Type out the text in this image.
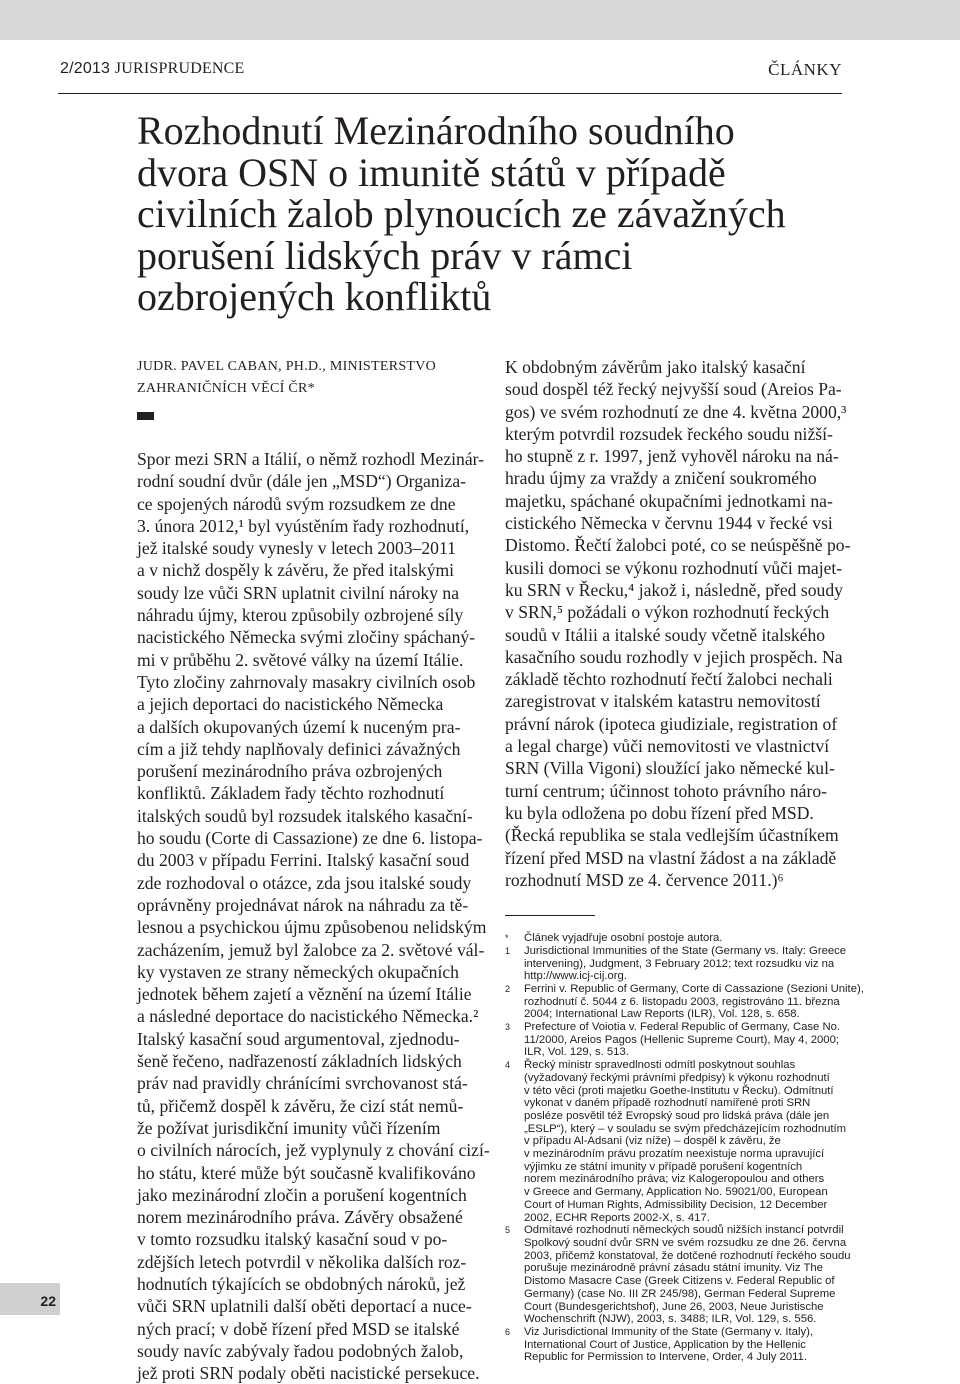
2/2013 JURISPRUDENCE	ČLÁNKY
Rozhodnutí Mezinárodního soudního
dvora OSN o imunitě států v případě
civilních žalob plynoucích ze závažných
porušení lidských práv v rámci
ozbrojených konfliktů

JUDR. PAVEL CABAN, PH.D., MINISTERSTVO
ZAHRANIČNÍCH VĚCÍ ČR*

Spor mezi SRN a Itálií, o němž rozhodl Mezinár-
rodní soudní dvůr (dále jen „MSD“) Organiza-
ce spojených národů svým rozsudkem ze dne
3. února 2012,¹ byl vyústěním řady rozhodnutí,
jež italské soudy vynesly v letech 2003–2011
a v nichž dospěly k závěru, že před italskými
soudy lze vůči SRN uplatnit civilní nároky na
náhradu újmy, kterou způsobily ozbrojené síly
nacistického Německa svými zločiny spáchaný-
mi v průběhu 2. světové války na území Itálie.
Tyto zločiny zahrnovaly masakry civilních osob
a jejich deportaci do nacistického Německa
a dalších okupovaných území k nuceným pra-
cím a již tehdy naplňovaly definici závažných
porušení mezinárodního práva ozbrojených
konfliktů. Základem řady těchto rozhodnutí
italských soudů byl rozsudek italského kasační-
ho soudu (Corte di Cassazione) ze dne 6. listopa-
du 2003 v případu Ferrini. Italský kasační soud
zde rozhodoval o otázce, zda jsou italské soudy
oprávněny projednávat nárok na náhradu za tě-
lesnou a psychickou újmu způsobenou nelidským
zacházením, jemuž byl žalobce za 2. světové vál-
ky vystaven ze strany německých okupačních
jednotek během zajetí a věznění na území Itálie
a následné deportace do nacistického Německa.²
Italský kasační soud argumentoval, zjednodu-
šeně řečeno, nadřazeností základních lidských
práv nad pravidly chránícími svrchovanost stá-
tů, přičemž dospěl k závěru, že cizí stát nemů-
že požívat jurisdikční imunity vůči řízením
o civilních nárocích, jež vyplynuly z chování cizí-
ho státu, které může být současně kvalifikováno
jako mezinárodní zločin a porušení kogentních
norem mezinárodního práva. Závěry obsažené
v tomto rozsudku italský kasační soud v po-
zdějších letech potvrdil v několika dalších roz-
hodnutích týkajících se obdobných nároků, jež
vůči SRN uplatnili další oběti deportací a nuce-
ných prací; v době řízení před MSD se italské
soudy navíc zabývaly řadou podobných žalob,
jež proti SRN podaly oběti nacistické persekuce.

K obdobným závěrům jako italský kasační
soud dospěl též řecký nejvyšší soud (Areios Pa-
gos) ve svém rozhodnutí ze dne 4. května 2000,³
kterým potvrdil rozsudek řeckého soudu nižší-
ho stupně z r. 1997, jenž vyhověl nároku na ná-
hradu újmy za vraždy a zničení soukromého
majetku, spáchané okupačními jednotkami na-
cistického Německa v červnu 1944 v řecké vsi
Distomo. Řečtí žalobci poté, co se neúspěšně po-
kusili domoci se výkonu rozhodnutí vůči majet-
ku SRN v Řecku,⁴ jakož i, následně, před soudy
v SRN,⁵ požádali o výkon rozhodnutí řeckých
soudů v Itálii a italské soudy včetně italského
kasačního soudu rozhodly v jejich prospěch. Na
základě těchto rozhodnutí řečtí žalobci nechali
zaregistrovat v italském katastru nemovitostí
právní nárok (ipoteca giudiziale, registration of
a legal charge) vůči nemovitosti ve vlastnictví
SRN (Villa Vigoni) sloužící jako německé kul-
turní centrum; účinnost tohoto právního náro-
ku byla odložena po dobu řízení před MSD.
(Řecká republika se stala vedlejším účastníkem
řízení před MSD na vlastní žádost a na základě
rozhodnutí MSD ze 4. července 2011.)⁶

* Článek vyjadřuje osobní postoje autora.

1 Jurisdictional Immunities of the State (Germany vs. Italy: Greece
intervening), Judgment, 3 February 2012; text rozsudku viz na
http://www.icj-cij.org.

2 Ferrini v. Republic of Germany, Corte di Cassazione (Sezioni Unite),
rozhodnutí č. 5044 z 6. listopadu 2003, registrováno 11. března
2004; International Law Reports (ILR), Vol. 128, s. 658.

3 Prefecture of Voiotia v. Federal Republic of Germany, Case No.
11/2000, Areios Pagos (Hellenic Supreme Court), May 4, 2000;
ILR, Vol. 129, s. 513.

4 Řecký ministr spravedlnosti odmítl poskytnout souhlas
(vyžadovaný řeckými právními předpisy) k výkonu rozhodnutí
v této věci (proti majetku Goethe-Institutu v Řecku). Odmítnutí
vykonat v daném případě rozhodnutí namířené proti SRN
posléze posvětil též Evropský soud pro lidská práva (dále jen
„ESLP“), který – v souladu se svým předcházejícím rozhodnutím
v případu Al-Adsani (viz níže) – dospěl k závěru, že
v mezinárodním právu prozatím neexistuje norma upravující
výjimku ze státní imunity v případě porušení kogentních
norem mezinárodního práva; viz Kalogeropoulou and others
v Greece and Germany, Application No. 59021/00, European
Court of Human Rights, Admissibility Decision, 12 December
2002, ECHR Reports 2002-X, s. 417.

5 Odmítavé rozhodnutí německých soudů nižších instancí potvrdil
Spolkový soudní dvůr SRN ve svém rozsudku ze dne 26. června
2003, přičemž konstatoval, že dotčené rozhodnutí řeckého soudu
porušuje mezinárodně právní zásadu státní imunity. Viz The
Distomo Masacre Case (Greek Citizens v. Federal Republic of
Germany) (case No. III ZR 245/98), German Federal Supreme
Court (Bundesgerichtshof), June 26, 2003, Neue Juristische
Wochenschrift (NJW), 2003, s. 3488; ILR, Vol. 129, s. 556.

6 Viz Jurisdictional Immunity of the State (Germany v. Italy),
International Court of Justice, Application by the Hellenic
Republic for Permission to Intervene, Order, 4 July 2011.

22
